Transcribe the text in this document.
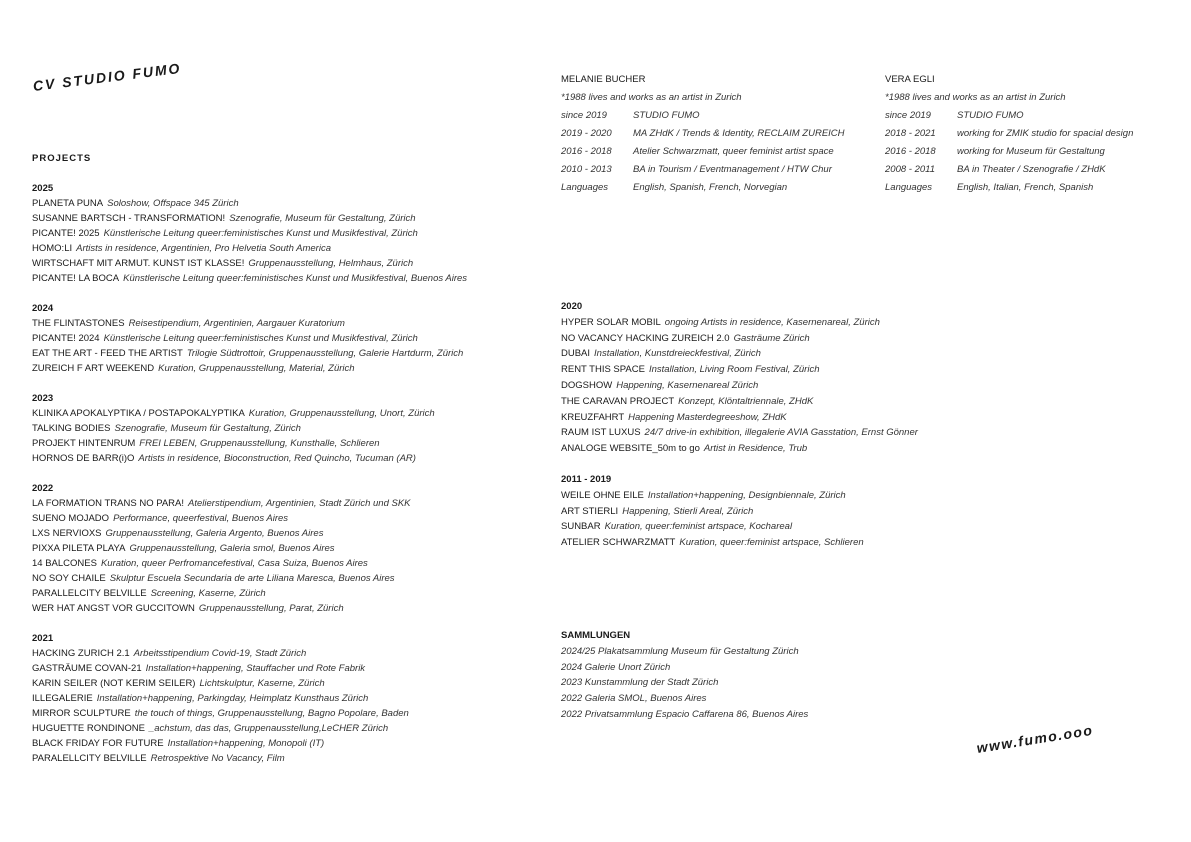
CV STUDIO FUMO
www.fumo.ooo
PROJECTS
2025
PLANETA PUNA Soloshow, Offspace 345 Zürich
SUSANNE BARTSCH - TRANSFORMATION! Szenografie, Museum für Gestaltung, Zürich
PICANTE! 2025 Künstlerische Leitung queer:feministisches Kunst und Musikfestival, Zürich
HOMO:LI Artists in residence, Argentinien, Pro Helvetia South America
WIRTSCHAFT MIT ARMUT. KUNST IST KLASSE! Gruppenausstellung, Helmhaus, Zürich
PICANTE! LA BOCA Künstlerische Leitung queer:feministisches Kunst und Musikfestival, Buenos Aires
2024
THE FLINTASTONES Reisestipendium, Argentinien, Aargauer Kuratorium
PICANTE! 2024 Künstlerische Leitung queer:feministisches Kunst und Musikfestival, Zürich
EAT THE ART - FEED THE ARTIST Trilogie Südtrottoir, Gruppenausstellung, Galerie Hartdurm, Zürich
ZUREICH F ART WEEKEND Kuration, Gruppenausstellung, Material, Zürich
2023
KLINIKA APOKALYPTIKA / POSTAPOKALYPTIKA Kuration, Gruppenausstellung, Unort, Zürich
TALKING BODIES Szenografie, Museum für Gestaltung, Zürich
PROJEKT HINTENRUM FREI LEBEN, Gruppenausstellung, Kunsthalle, Schlieren
HORNOS DE BARR(i)O Artists in residence, Bioconstruction, Red Quincho, Tucuman (AR)
2022
LA FORMATION TRANS NO PARA! Atelierstipendium, Argentinien, Stadt Zürich und SKK
SUENO MOJADO Performance, queerfestival, Buenos Aires
LXS NERVIOXS Gruppenausstellung, Galeria Argento, Buenos Aires
PIXXA PILETA PLAYA Gruppenausstellung, Galeria smol, Buenos Aires
14 BALCONES Kuration, queer Perfromancefestival, Casa Suiza, Buenos Aires
NO SOY CHAILE Skulptur Escuela Secundaria de arte Liliana Maresca, Buenos Aires
PARALLELCITY BELVILLE Screening, Kaserne, Zürich
WER HAT ANGST VOR GUCCITOWN Gruppenausstellung, Parat, Zürich
2021
HACKING ZURICH 2.1 Arbeitsstipendium Covid-19, Stadt Zürich
GASTRÄUME COVAN-21 Installation+happening, Stauffacher und Rote Fabrik
KARIN SEILER (NOT KERIM SEILER) Lichtskulptur, Kaserne, Zürich
ILLEGALERIE Installation+happening, Parkingday, Heimplatz Kunsthaus Zürich
MIRROR SCULPTURE the touch of things, Gruppenausstellung, Bagno Popolare, Baden
HUGUETTE RONDINONE _achstum, das das, Gruppenausstellung,LeCHER Zürich
BLACK FRIDAY FOR FUTURE Installation+happening, Monopoli (IT)
PARALELLCITY BELVILLE Retrospektive No Vacancy, Film
MELANIE BUCHER
*1988 lives and works as an artist in Zurich
since 2019	STUDIO FUMO
2019 - 2020	MA ZHdK / Trends & Identity, RECLAIM ZUREICH
2016 - 2018	Atelier Schwarzmatt, queer feminist artist space
2010 - 2013	BA in Tourism / Eventmanagement / HTW Chur
Languages	English, Spanish, French, Norvegian
VERA EGLI
*1988 lives and works as an artist in Zurich
since 2019	STUDIO FUMO
2018 - 2021	working for ZMIK studio for spacial design
2016 - 2018	working for Museum für Gestaltung
2008 - 2011	BA in Theater / Szenografie / ZHdK
Languages	English, Italian, French, Spanish
2020
HYPER SOLAR MOBIL ongoing Artists in residence, Kasernenareal, Zürich
NO VACANCY HACKING ZUREICH 2.0 Gasträume Zürich
DUBAI Installation, Kunstdreieckfestival, Zürich
RENT THIS SPACE Installation, Living Room Festival, Zürich
DOGSHOW Happening, Kasernenareal Zürich
THE CARAVAN PROJECT Konzept, Klöntaltriennale, ZHdK
KREUZFAHRT Happening Masterdegreeshow, ZHdK
RAUM IST LUXUS 24/7 drive-in exhibition, illegalerie AVIA Gasstation, Ernst Gönner
ANALOGE WEBSITE_50m to go Artist in Residence, Trub
2011 - 2019
WEILE OHNE EILE Installation+happening, Designbiennale, Zürich
ART STIERLI Happening, Stierli Areal, Zürich
SUNBAR Kuration, queer:feminist artspace, Kochareal
ATELIER SCHWARZMATT Kuration, queer:feminist artspace, Schlieren
SAMMLUNGEN
2024/25 Plakatsammlung Museum für Gestaltung Zürich
2024 Galerie Unort Zürich
2023 Kunstammlung der Stadt Zürich
2022 Galeria SMOL, Buenos Aires
2022 Privatsammlung Espacio Caffarena 86, Buenos Aires
